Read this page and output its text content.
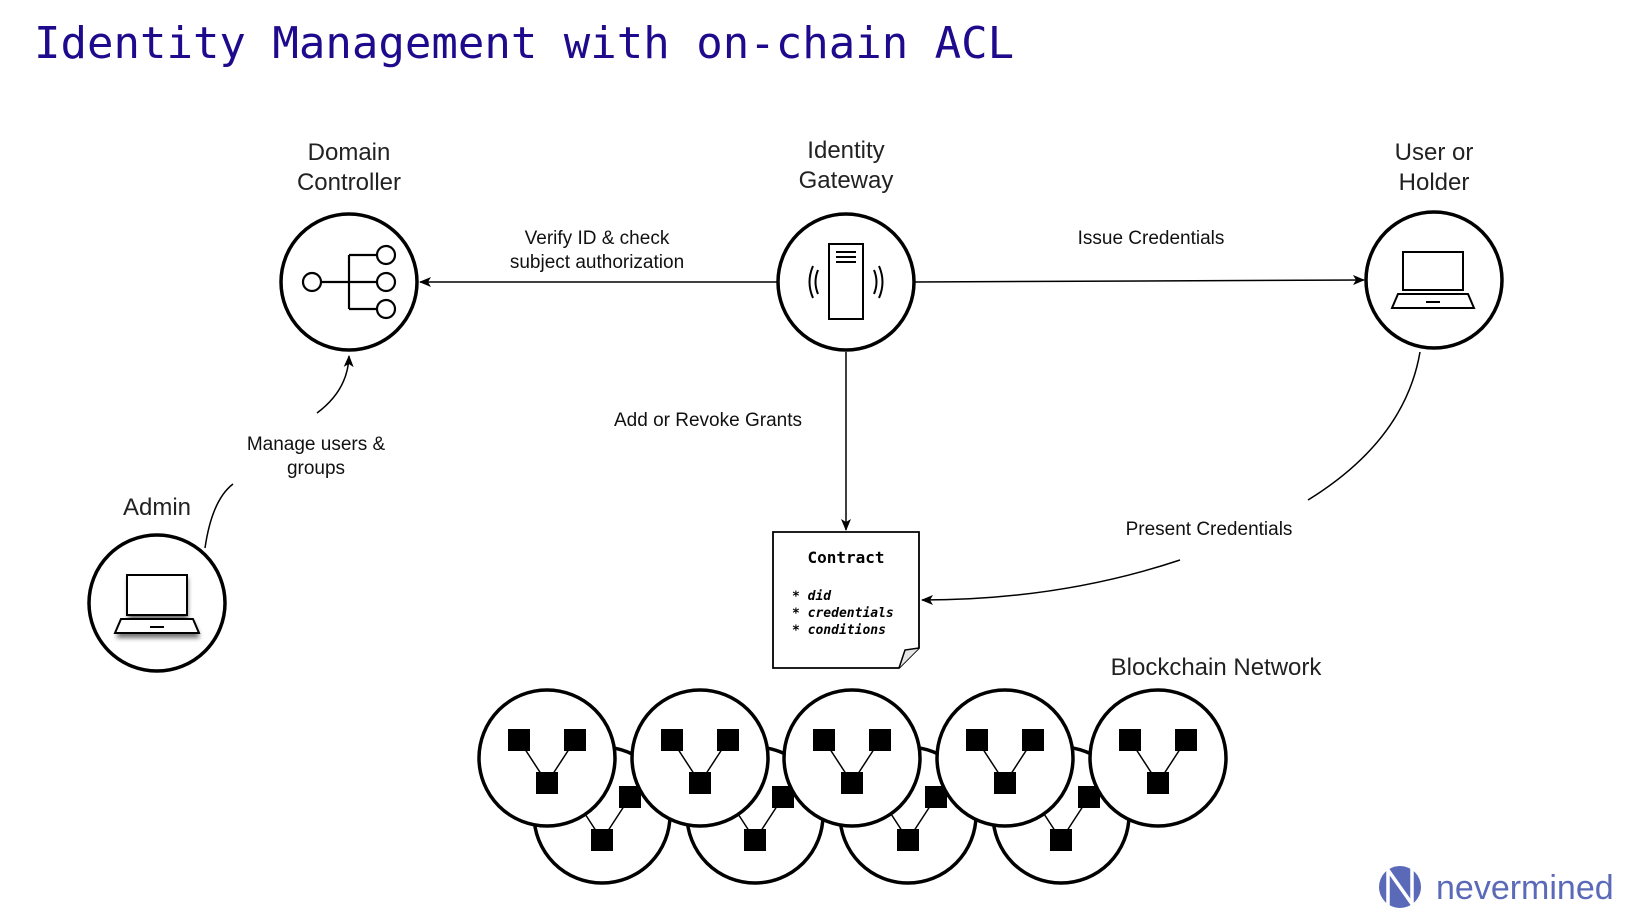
Identity Management with on-chain ACL
Domain
Controller
Identity
Gateway
User or
Holder
Admin
Verify ID & check
subject authorization
Issue Credentials
Add or Revoke Grants
Manage users &
groups
Present Credentials
Contract
* did
* credentials
* conditions
Blockchain Network
nevermined
